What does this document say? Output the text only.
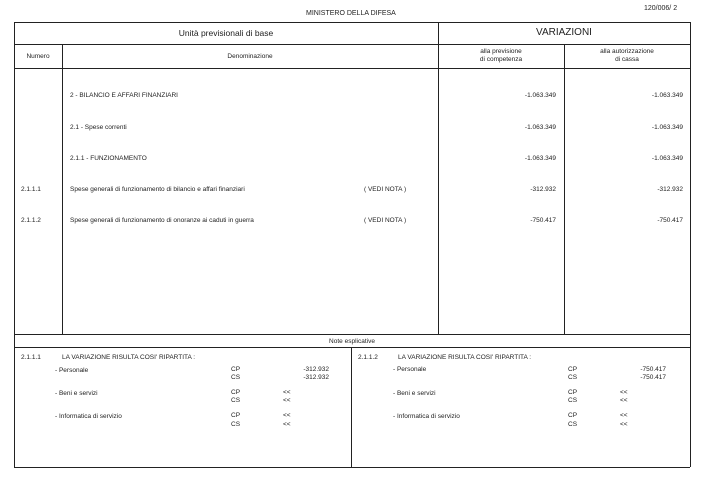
MINISTERO DELLA DIFESA
120/006/ 2
Unità previsionali di base	VARIAZIONI
Numero	Denominazione
alla previsione
di competenza
alla autorizzazione
di cassa
2 - BILANCIO E AFFARI FINANZIARI	-1.063.349	-1.063.349
2.1 - Spese correnti	-1.063.349	-1.063.349
2.1.1 - FUNZIONAMENTO	-1.063.349	-1.063.349
2.1.1.1	Spese generali di funzionamento di bilancio e affari finanziari	( VEDI NOTA )	-312.932	-312.932
2.1.1.2	Spese generali di funzionamento di onoranze ai caduti in guerra	( VEDI NOTA )	-750.417	-750.417
Note esplicative
2.1.1.1	LA VARIAZIONE RISULTA COSI' RIPARTITA :
- Personale	CP	-312.932
CS	-312.932
- Beni e servizi	CP	<<
CS	<<
- Informatica di servizio	CP	<<
CS	<<
2.1.1.2	LA VARIAZIONE RISULTA COSI' RIPARTITA :
- Personale	CP	-750.417
CS	-750.417
- Beni e servizi	CP	<<
CS	<<
- Informatica di servizio	CP	<<
CS	<<
